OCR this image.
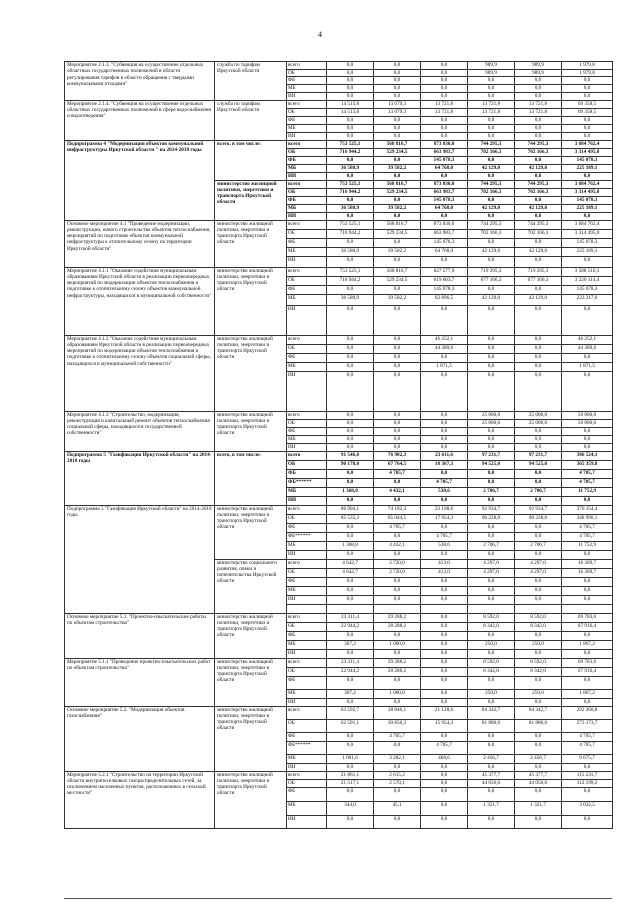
4
Мероприятие 2.1.3. "Субвенция на осуществление отдельных областных государственных полномочий в области регулирования тарифов в области обращения с твердыми коммунальными отходами"	служба по тарифам Иркутской области	всего	0,0	0,0	0,0	989,9	989,9	1 979,8
		ОБ	0,0	0,0	0,0	989,9	989,9	1 979,8
		ФБ	0,0	0,0	0,0	0,0	0,0	0,0
		МБ	0,0	0,0	0,0	0,0	0,0	0,0
		ИИ	0,0	0,0	0,0	0,0	0,0	0,0
Мероприятие 2.1.4. "Субвенция на осуществление отдельных областных государственных полномочий в сфере водоснабжения и водоотведения"	служба по тарифам Иркутской области	всего	14 513,8	13 679,3	13 721,8	13 721,8	13 721,8	69 358,5
		ОБ	14 513,8	13 679,3	13 721,8	13 721,8	13 721,8	69 358,5
		ФБ	0,0	0,0	0,0	0,0	0,0	0,0
		МБ	0,0	0,0	0,0	0,0	0,0	0,0
		ИИ	0,0	0,0	0,0	0,0	0,0	0,0
Подпрограмма 4 "Модернизация объектов коммунальной инфраструктуры Иркутской области " на 2014-2018 годы	всего, в том числе:	всего	753 525,1	568 816,7	873 830,0	744 295,3	744 295,3	3 684 762,4
		ОБ	716 944,2	529 234,5	663 983,7	702 166,3	702 166,3	3 314 495,0
		ФБ	0,0	0,0	145 078,3	0,0	0,0	145 078,3
		МБ	36 580,9	39 582,2	64 768,0	42 129,0	42 129,0	225 189,1
		ИИ	0,0	0,0	0,0	0,0	0,0	0,0
	министерство жилищной политики, энергетики и транспорта Иркутской области	всего	753 525,1	568 816,7	873 830,0	744 295,3	744 295,3	3 684 762,4
		ОБ	716 944,2	529 234,5	663 983,7	702 166,3	702 166,3	3 314 495,0
		ФБ	0,0	0,0	145 078,3	0,0	0,0	145 078,3
		МБ	36 580,9	39 582,2	64 768,0	42 129,0	42 129,0	225 189,1
		ИИ	0,0	0,0	0,0	0,0	0,0	0,0
Основное мероприятие 4.1 "Проведение модернизации, реконструкции, нового строительства объектов теплоснабжения, мероприятий по подготовке объектов коммунальной инфраструктуры к отопительному сезону на территории Иркутской области"	министерство жилищной политики, энергетики и транспорта Иркутской области	всего	753 525,1	568 816,7	873 830,0	744 295,3	744 295,3	3 684 762,4
		ОБ	716 944,2	529 234,5	663 983,7	702 166,3	702 166,3	3 314 495,0
		ФБ	0,0	0,0	145 078,3	0,0	0,0	145 078,3
		МБ	36 580,9	39 582,2	64 768,0	42 129,0	42 129,0	225 189,1
		ИИ	0,0	0,0	0,0	0,0	0,0	0,0
Мероприятие 4.1.1 "Оказание содействия муниципальным образованиям Иркутской области в реализации первоочередных мероприятий по модернизации объектов теплоснабжения и подготовке к отопительному сезону объектов коммунальной инфраструктуры, находящихся в муниципальной собственности"	министерство жилищной политики, энергетики и транспорта Иркутской области	всего	753 525,1	568 816,7	827 577,9	719 295,3	719 295,3	3 588 510,3
		ОБ	716 944,2	529 234,5	619 603,7	677 166,3	677 166,3	3 220 114,4
		ФБ	0,0	0,0	145 078,3	0,0	0,0	145 078,3
		МБ	36 580,9	39 582,2	62 896,5	42 129,0	42 129,0	223 317,6
		ИИ	0,0	0,0	0,0	0,0	0,0	0,0
Мероприятие 4.1.2 "Оказание содействия муниципальным образованиям Иркутской области в реализации первоочередных мероприятий по модернизации объектов теплоснабжения и подготовке к отопительному сезону объектов социальной сферы, находящихся в муниципальной собственности"	министерство жилищной политики, энергетики и транспорта Иркутской области	всего	0,0	0,0	46 252,1	0,0	0,0	46 252,1
		ОБ	0,0	0,0	44 380,6	0,0	0,0	44 380,6
		ФБ	0,0	0,0	0,0	0,0	0,0	0,0
		МБ	0,0	0,0	1 871,5	0,0	0,0	1 871,5
		ИИ	0,0	0,0	0,0	0,0	0,0	0,0
Мероприятие 4.1.3 "Строительство, модернизация, реконструкция и капитальный ремонт объектов теплоснабжения социальной сферы, находящихся в государственной собственности"	министерство жилищной политики, энергетики и транспорта Иркутской области	всего	0,0	0,0	0,0	25 000,0	25 000,0	50 000,0
		ОБ	0,0	0,0	0,0	25 000,0	25 000,0	50 000,0
		ФБ	0,0	0,0	0,0	0,0	0,0	0,0
		МБ	0,0	0,0	0,0	0,0	0,0	0,0
		ИИ	0,0	0,0	0,0	0,0	0,0	0,0
Подпрограмма 5 "Газификация Иркутской области" на 2014-2018 годы	всего, в том числе:	всего	91 546,8	76 902,3	23 611,6	97 231,7	97 231,7	386 524,1
		ОБ	90 178,0	67 764,5	18 367,3	94 525,0	94 525,0	365 359,8
		ФБ	0,0	4 705,7	0,0	0,0	0,0	4 705,7
		ФБ******	0,0	0,0	4 705,7	0,0	0,0	4 705,7
		МБ	1 368,8	4 432,1	538,6	2 706,7	2 706,7	11 752,9
		ИИ	0,0	0,0	0,0	0,0	0,0	0,0
Подпрограмма 5 "Газификация Иркутской области" на 2014-2018 годы	министерство жилищной политики, энергетики и транспорта Иркутской области	всего	86 904,1	74 182,3	23 198,6	92 934,7	92 934,7	370 154,4
		ОБ	85 535,3	65 044,5	17 954,3	90 228,0	90 228,0	348 990,1
		ФБ	0,0	4 705,7	0,0	0,0	0,0	4 705,7
		ФБ******	0,0	0,0	4 705,7	0,0	0,0	4 705,7
		МБ	1 368,8	4 432,1	538,6	2 706,7	2 706,7	11 752,9
		ИИ	0,0	0,0	0,0	0,0	0,0	0,0
	министерство социального развития, опеки и попечительства Иркутской области	всего	4 642,7	2 720,0	413,0	4 297,0	4 297,0	16 369,7
		ОБ	4 642,7	2 720,0	413,0	4 297,0	4 297,0	16 369,7
		ФБ	0,0	0,0	0,0	0,0	0,0	0,0
		МБ	0,0	0,0	0,0	0,0	0,0	0,0
		ИИ	0,0	0,0	0,0	0,0	0,0	0,0

Основное мероприятие 5.1. "Проектно-изыскательские работы по объектам строительства"	министерство жилищной политики, энергетики и транспорта Иркутской области	всего	23 311,4	29 288,2	0,0	8 592,0	8 592,0	69 783,6
		ОБ	22 944,2	28 288,2	0,0	8 342,0	8 342,0	67 916,4
		ФБ	0,0	0,0	0,0	0,0	0,0	0,0
		МБ	367,2	1 000,0	0,0	250,0	250,0	1 867,2
		ИИ	0,0	0,0	0,0	0,0	0,0	0,0
Мероприятие 5.1.1 "Проведение проектно-изыскательских работ по объектам строительства"	министерство жилищной политики, энергетики и транспорта Иркутской области	всего	23 311,4	29 288,2	0,0	8 592,0	8 592,0	69 783,6
		ОБ	22 944,2	28 288,2	0,0	8 342,0	8 342,0	67 916,4
		ФБ	0,0	0,0	0,0	0,0	0,0	0,0
		МБ	367,2	1 000,0	0,0	250,0	250,0	1 867,2
		ИИ	0,0	0,0	0,0	0,0	0,0	0,0
Основное мероприятие 5.2. "Модернизация объектов газоснабжения"	министерство жилищной политики, энергетики и транспорта Иркутской области	всего	63 592,7	38 846,1	21 128,6	84 342,7	84 342,7	292 260,8
		ОБ	62 591,1	30 856,3	15 954,3	81 886,0	81 886,0	273 173,7
		ФБ	0,0	4 705,7	0,0	0,0	0,0	4 705,7
		ФБ******	0,0	0,0	4 705,7	0,0	0,0	4 705,7
		МБ	1 001,6	3 282,1	468,6	2 456,7	2 456,7	9 675,7
		ИИ	0,0	0,0	0,0	0,0	0,0	0,0
Мероприятие 5.2.1 "Строительство на территории Иркутской области внутрипоселковых газораспределительных сетей, за исключением населенных пунктов, расположенных в сельской местности"	министерство жилищной политики, энергетики и транспорта Иркутской области	всего	21 861,1	2 615,2	0,0	45 377,7	45 377,7	115 231,7
		ОБ	21 517,1	2 570,1	0,0	44 056,0	44 056,0	112 199,2
		ФБ	0,0	0,0	0,0	0,0	0,0	0,0
		МБ	344,0	45,1	0,0	1 321,7	1 321,7	3 032,5
		ИИ	0,0	0,0	0,0	0,0	0,0	0,0
